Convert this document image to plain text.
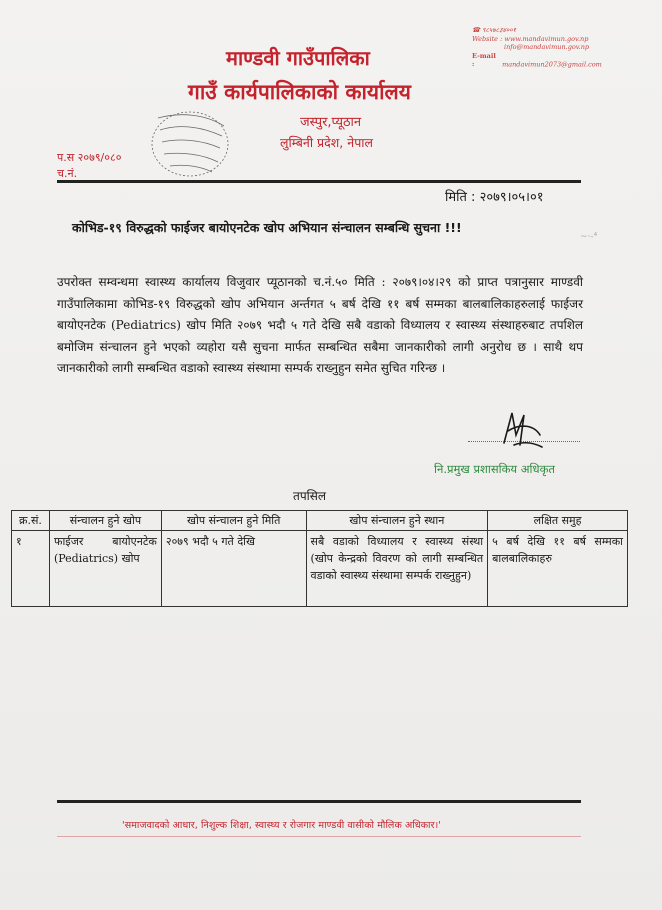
☎ ९८५७८३४००१
Website : www.mandavimun.gov.np
info@mandavimun.gov.np
E-mail :	mandavimun2073@gmail.com
माण्डवी गाउँपालिका
गाउँ कार्यपालिकाको कार्यालय
जस्पुर,प्यूठान
लुम्बिनी प्रदेश, नेपाल
प.स २०७९/०८०
च.नं.
मिति : २०७९।०५।०१
कोभिड-१९ विरुद्धको फाईजर बायोएनटेक खोप अभियान संन्चालन सम्बन्धि सुचना !!!
~·-⁴
उपरोक्त सम्वन्धमा स्वास्थ्य कार्यालय विजुवार प्यूठानको च.नं.५० मिति : २०७९।०४।२९ को प्राप्त पत्रानुसार माण्डवी गाउँपालिकामा कोभिड-१९ विरुद्धको खोप अभियान अर्न्तगत ५ बर्ष देखि ११ बर्ष सम्मका बालबालिकाहरुलाई फाईजर बायोएनटेक (Pediatrics) खोप मिति २०७९ भदौ ५ गते देखि सबै वडाको विध्यालय र स्वास्थ्य संस्थाहरुबाट तपशिल बमोजिम संन्चालन हुने भएको व्यहोरा यसै सुचना मार्फत सम्बन्धित सबैमा जानकारीको लागी अनुरोध छ । साथै थप जानकारीको लागी सम्बन्धित वडाको स्वास्थ्य संस्थामा सम्पर्क राख्नुहुन समेत सुचित गरिन्छ ।
नि.प्रमुख प्रशासकिय अधिकृत
तपसिल
क्र.सं.	संन्चालन हुने खोप	खोप संन्चालन हुने मिति	खोप संन्चालन हुने स्थान	लक्षित समुह
१	फाईजर बायोएनटेक (Pediatrics) खोप	२०७९ भदौ ५ गते देखि	सबै वडाको विध्यालय र स्वास्थ्य संस्था (खोप केन्द्रको विवरण को लागी सम्बन्धित वडाको स्वास्थ्य संस्थामा सम्पर्क राख्नुहुन)	५ बर्ष देखि ११ बर्ष सम्मका बालबालिकाहरु
'समाजवादको आधार, निशुल्क शिक्षा, स्वास्थ्य र रोजगार माण्डवी वासीको मौलिक अधिकार।'
